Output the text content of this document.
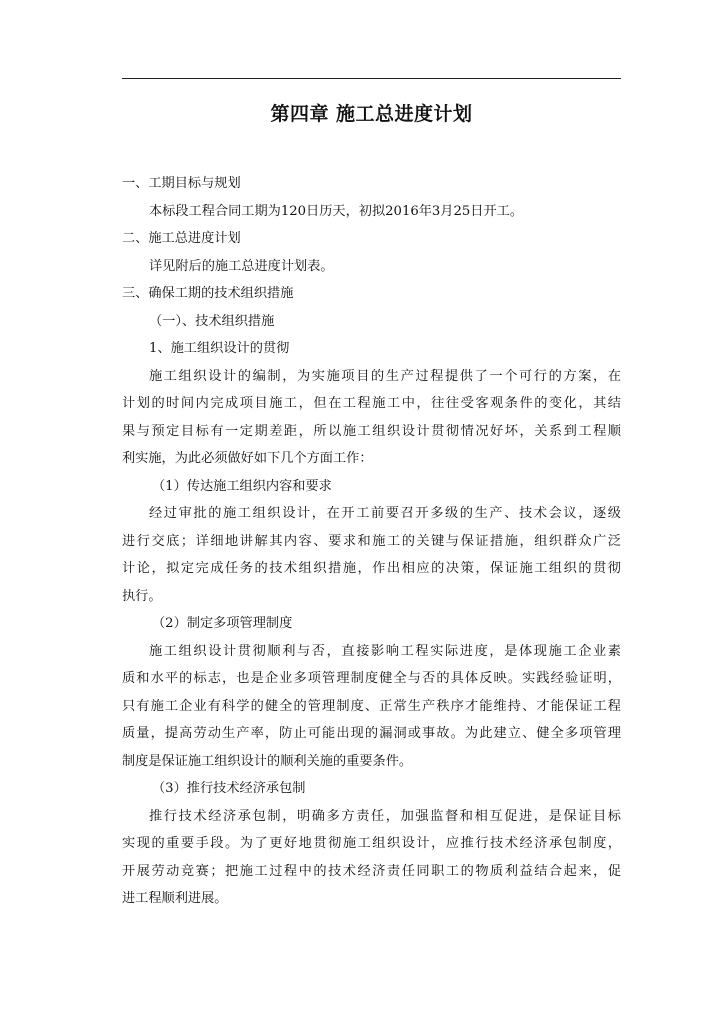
第四章 施工总进度计划
一、工期目标与规划
本标段工程合同工期为120日历天，初拟2016年3月25日开工。
二、施工总进度计划
详见附后的施工总进度计划表。
三、确保工期的技术组织措施
（一）、技术组织措施
1、施工组织设计的贯彻
施工组织设计的编制，为实施项目的生产过程提供了一个可行的方案，在
计划的时间内完成项目施工，但在工程施工中，往往受客观条件的变化，其结
果与预定目标有一定期差距，所以施工组织设计贯彻情况好坏，关系到工程顺
利实施，为此必须做好如下几个方面工作：
（1）传达施工组织内容和要求
经过审批的施工组织设计，在开工前要召开多级的生产、技术会议，逐级
进行交底；详细地讲解其内容、要求和施工的关键与保证措施，组织群众广泛
计论，拟定完成任务的技术组织措施，作出相应的决策，保证施工组织的贯彻
执行。
（2）制定多项管理制度
施工组织设计贯彻顺利与否，直接影响工程实际进度，是体现施工企业素
质和水平的标志，也是企业多项管理制度健全与否的具体反映。实践经验证明，
只有施工企业有科学的健全的管理制度、正常生产秩序才能维持、才能保证工程
质量，提高劳动生产率，防止可能出现的漏洞或事故。为此建立、健全多项管理
制度是保证施工组织设计的顺利关施的重要条件。
（3）推行技术经济承包制
推行技术经济承包制，明确多方责任，加强监督和相互促进，是保证目标
实现的重要手段。为了更好地贯彻施工组织设计，应推行技术经济承包制度，
开展劳动竞赛；把施工过程中的技术经济责任同职工的物质利益结合起来，促
进工程顺利进展。
